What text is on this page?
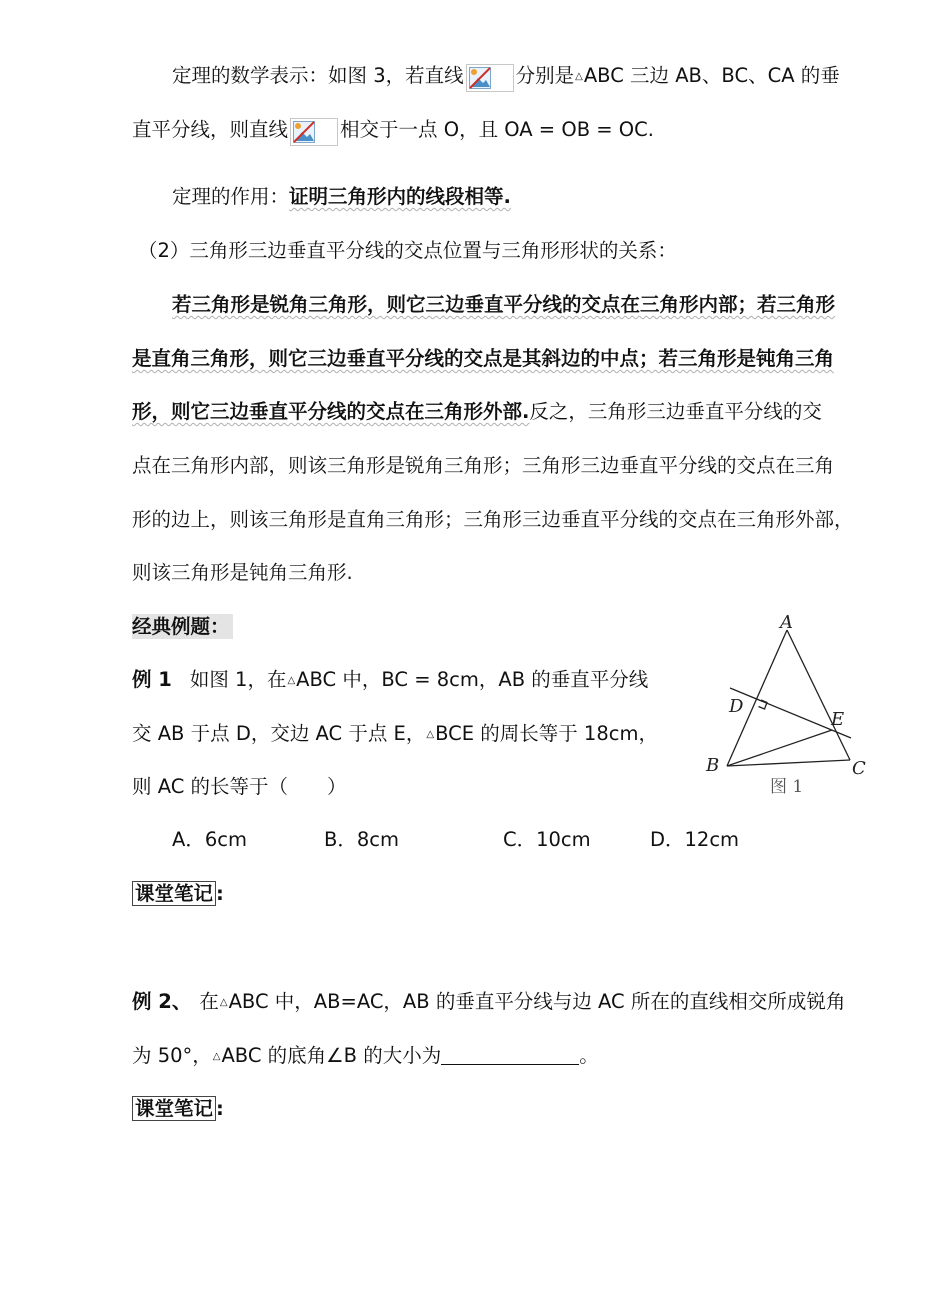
定理的数学表示：如图 3，若直线	分别是△ABC 三边 AB、BC、CA 的垂
直平分线，则直线	相交于一点 O，且 OA = OB = OC.
定理的作用：证明三角形内的线段相等.
（2）三角形三边垂直平分线的交点位置与三角形形状的关系：
若三角形是锐角三角形，则它三边垂直平分线的交点在三角形内部；若三角形
是直角三角形，则它三边垂直平分线的交点是其斜边的中点；若三角形是钝角三角
形，则它三边垂直平分线的交点在三角形外部.反之，三角形三边垂直平分线的交
点在三角形内部，则该三角形是锐角三角形；三角形三边垂直平分线的交点在三角
形的边上，则该三角形是直角三角形；三角形三边垂直平分线的交点在三角形外部，
则该三角形是钝角三角形.
经典例题：
例 1 如图 1，在△ABC 中，BC = 8cm，AB 的垂直平分线
交 AB 于点 D，交边 AC 于点 E，△BCE 的周长等于 18cm，
则 AC 的长等于（　　）
A．6cm	B．8cm	C．10cm	D．12cm
A
B	C
D
E
图 1
课堂笔记 :
例 2、 在△ABC 中，AB=AC，AB 的垂直平分线与边 AC 所在的直线相交所成锐角
为 50°，△ABC 的底角∠B 的大小为	。
课堂笔记 :
